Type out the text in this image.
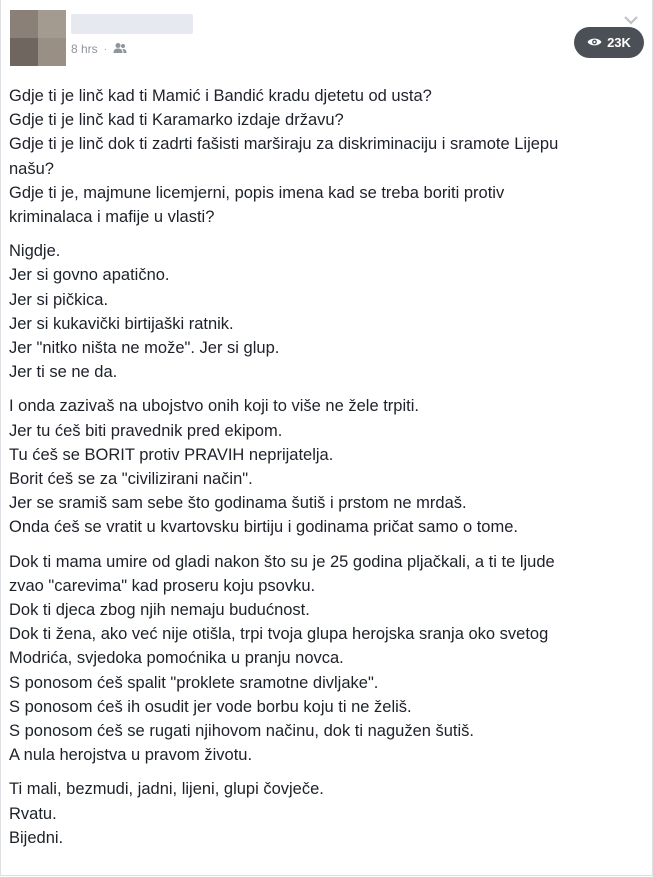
8 hrs ·	23K
Gdje ti je linč kad ti Mamić i Bandić kradu djetetu od usta?
Gdje ti je linč kad ti Karamarko izdaje državu?
Gdje ti je linč dok ti zadrti fašisti marširaju za diskriminaciju i sramote Lijepu
našu?
Gdje ti je, majmune licemjerni, popis imena kad se treba boriti protiv
kriminalaca i mafije u vlasti?
Nigdje.
Jer si govno apatično.
Jer si pičkica.
Jer si kukavički birtijaški ratnik.
Jer "nitko ništa ne može". Jer si glup.
Jer ti se ne da.
I onda zazivaš na ubojstvo onih koji to više ne žele trpiti.
Jer tu ćeš biti pravednik pred ekipom.
Tu ćeš se BORIT protiv PRAVIH neprijatelja.
Borit ćeš se za "civilizirani način".
Jer se sramiš sam sebe što godinama šutiš i prstom ne mrdaš.
Onda ćeš se vratit u kvartovsku birtiju i godinama pričat samo o tome.
Dok ti mama umire od gladi nakon što su je 25 godina pljačkali, a ti te ljude
zvao "carevima" kad proseru koju psovku.
Dok ti djeca zbog njih nemaju budućnost.
Dok ti žena, ako već nije otišla, trpi tvoja glupa herojska sranja oko svetog
Modrića, svjedoka pomoćnika u pranju novca.
S ponosom ćeš spalit "proklete sramotne divljake".
S ponosom ćeš ih osudit jer vode borbu koju ti ne želiš.
S ponosom ćeš se rugati njihovom načinu, dok ti nagužen šutiš.
A nula herojstva u pravom životu.
Ti mali, bezmudi, jadni, lijeni, glupi čovječe.
Rvatu.
Bijedni.
